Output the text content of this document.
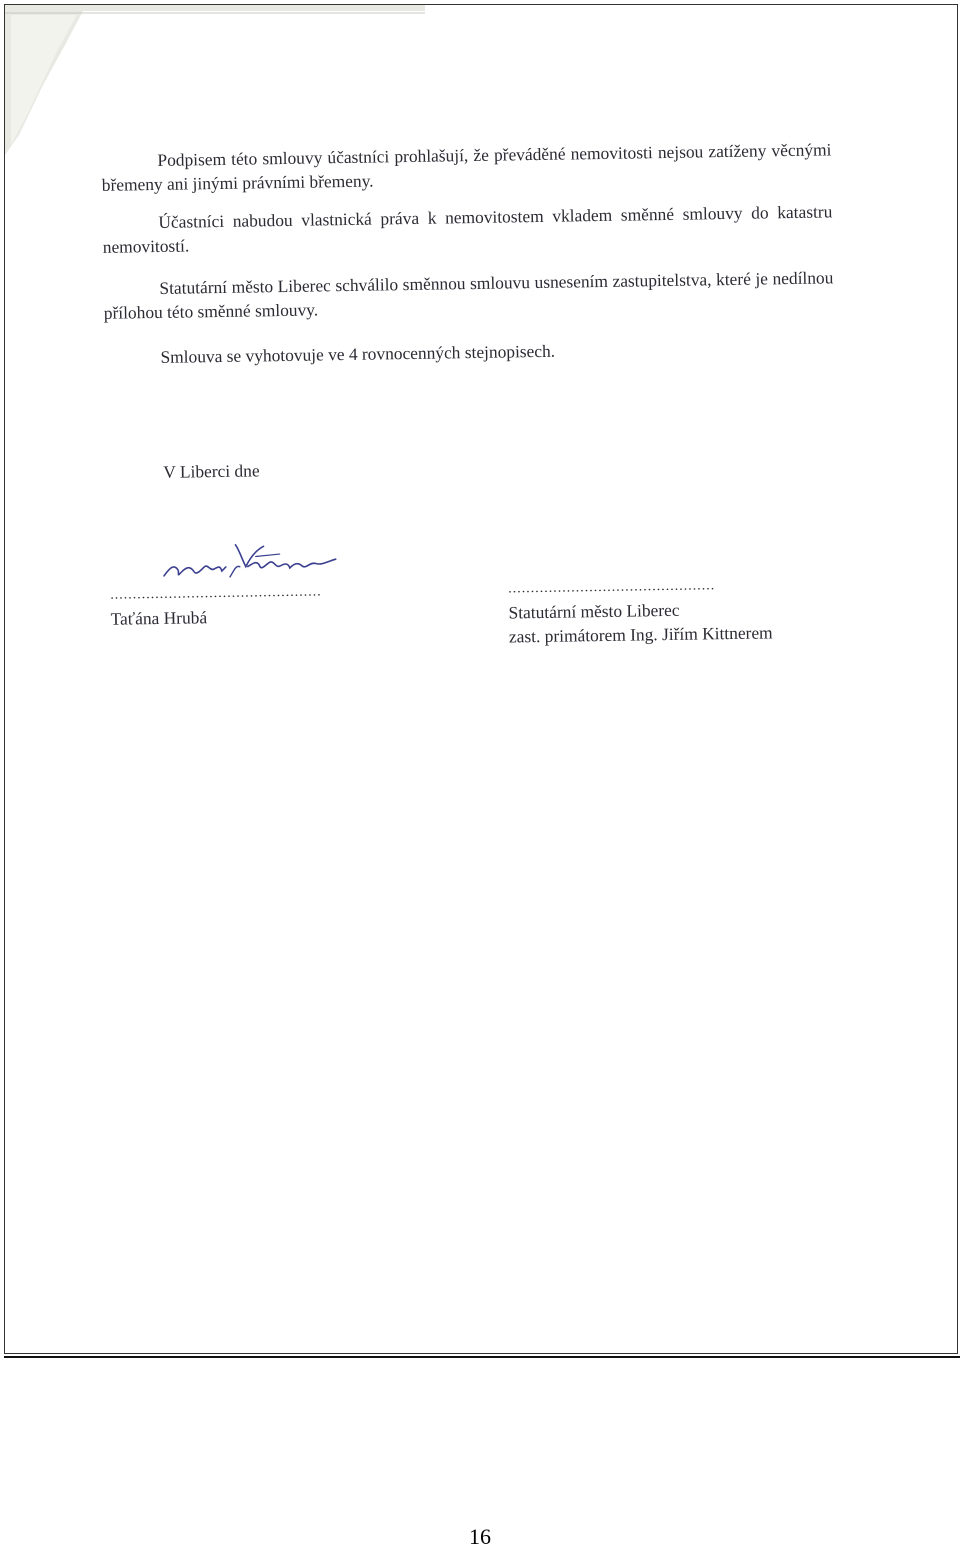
Podpisem této smlouvy účastníci prohlašují, že převáděné nemovitosti nejsou zatíženy věcnými břemeny ani jinými právními břemeny.

Účastníci nabudou vlastnická práva k nemovitostem vkladem směnné smlouvy do katastru nemovitostí.

Statutární město Liberec schválilo směnnou smlouvu usnesením zastupitelstva, které je nedílnou přílohou této směnné smlouvy.

Smlouva se vyhotovuje ve 4 rovnocenných stejnopisech.

V Liberci dne

...............................................
Taťána Hrubá
..............................................
Statutární město Liberec
zast. primátorem Ing. Jiřím Kittnerem

16
